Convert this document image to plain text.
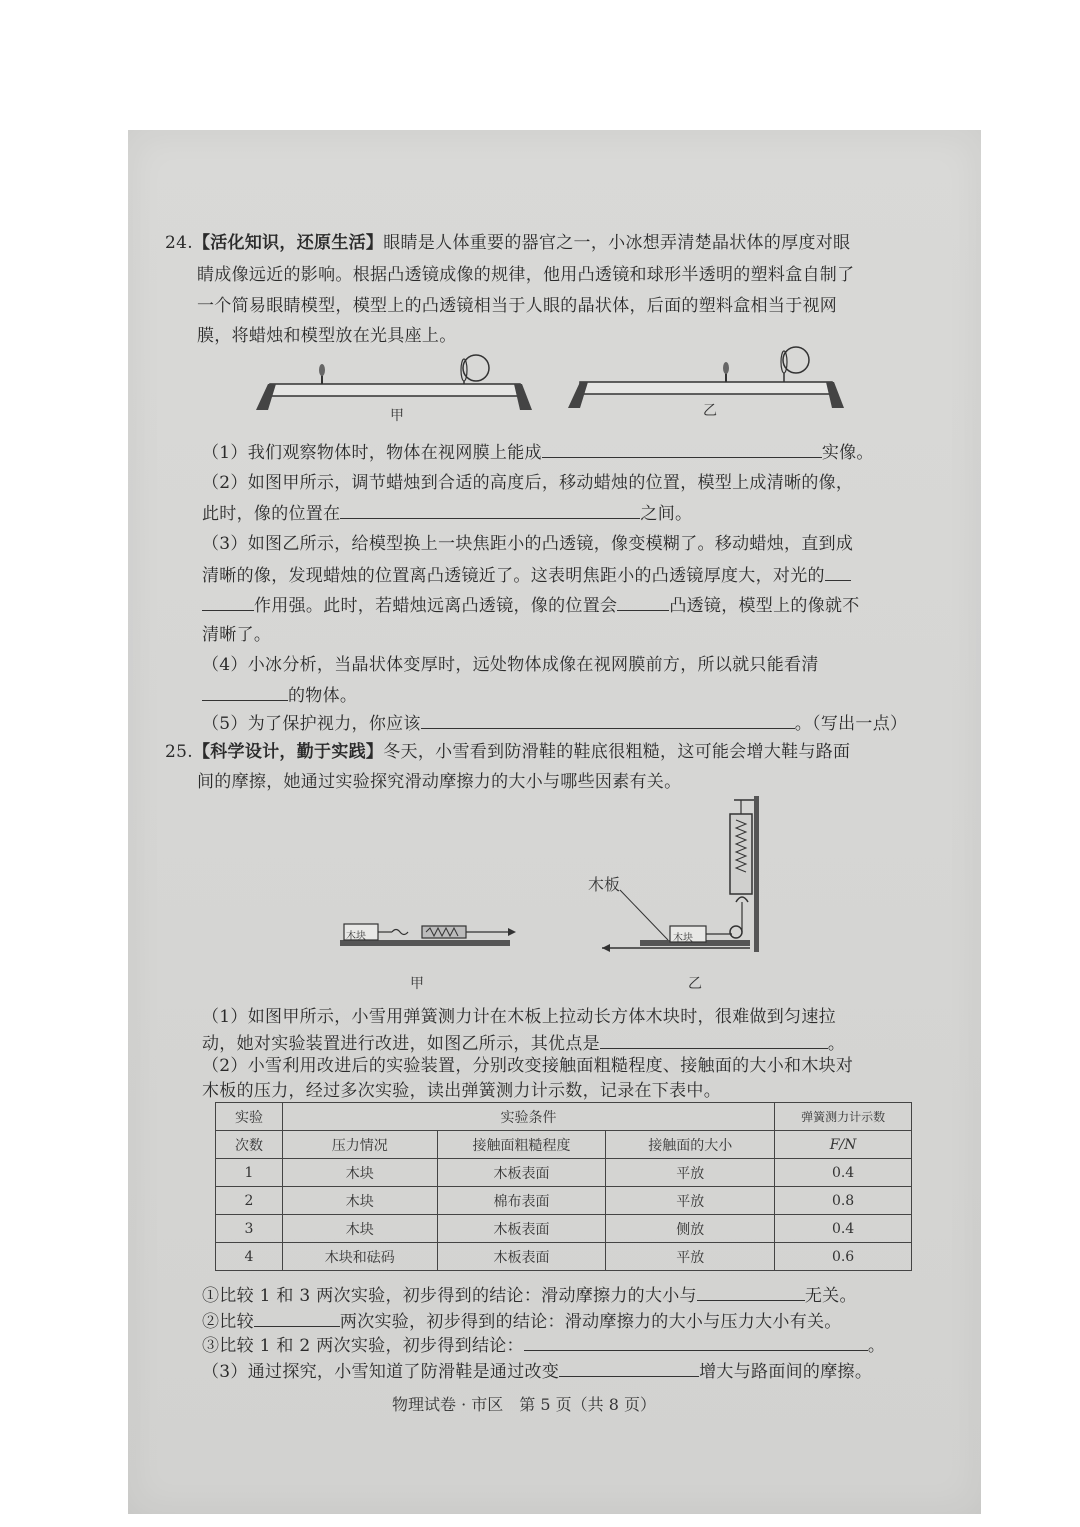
24.【活化知识，还原生活】眼睛是人体重要的器官之一，小冰想弄清楚晶状体的厚度对眼
睛成像远近的影响。根据凸透镜成像的规律，他用凸透镜和球形半透明的塑料盒自制了
一个简易眼睛模型，模型上的凸透镜相当于人眼的晶状体，后面的塑料盒相当于视网
膜，将蜡烛和模型放在光具座上。
甲	乙
（1）我们观察物体时，物体在视网膜上能成	实像。
（2）如图甲所示，调节蜡烛到合适的高度后，移动蜡烛的位置，模型上成清晰的像，
此时，像的位置在	之间。
（3）如图乙所示，给模型换上一块焦距小的凸透镜，像变模糊了。移动蜡烛，直到成
清晰的像，发现蜡烛的位置离凸透镜近了。这表明焦距小的凸透镜厚度大，对光的
作用强。此时，若蜡烛远离凸透镜，像的位置会	凸透镜，模型上的像就不
清晰了。
（4）小冰分析，当晶状体变厚时，远处物体成像在视网膜前方，所以就只能看清
的物体。
（5）为了保护视力，你应该	。（写出一点）
25.【科学设计，勤于实践】冬天，小雪看到防滑鞋的鞋底很粗糙，这可能会增大鞋与路面
间的摩擦，她通过实验探究滑动摩擦力的大小与哪些因素有关。
木板
木块	木块
甲	乙
（1）如图甲所示，小雪用弹簧测力计在木板上拉动长方体木块时，很难做到匀速拉
动，她对实验装置进行改进，如图乙所示，其优点是	。
（2）小雪利用改进后的实验装置，分别改变接触面粗糙程度、接触面的大小和木块对
木板的压力，经过多次实验，读出弹簧测力计示数，记录在下表中。
实验	实验条件			弹簧测力计示数
次数	压力情况	接触面粗糙程度	接触面的大小	F/N
1	木块	木板表面	平放	0.4
2	木块	棉布表面	平放	0.8
3	木块	木板表面	侧放	0.4
4	木块和砝码	木板表面	平放	0.6
①比较 1 和 3 两次实验，初步得到的结论：滑动摩擦力的大小与	无关。
②比较	两次实验，初步得到的结论：滑动摩擦力的大小与压力大小有关。
③比较 1 和 2 两次实验，初步得到结论：	。
（3）通过探究，小雪知道了防滑鞋是通过改变	增大与路面间的摩擦。
物理试卷 · 市区　第 5 页（共 8 页）
